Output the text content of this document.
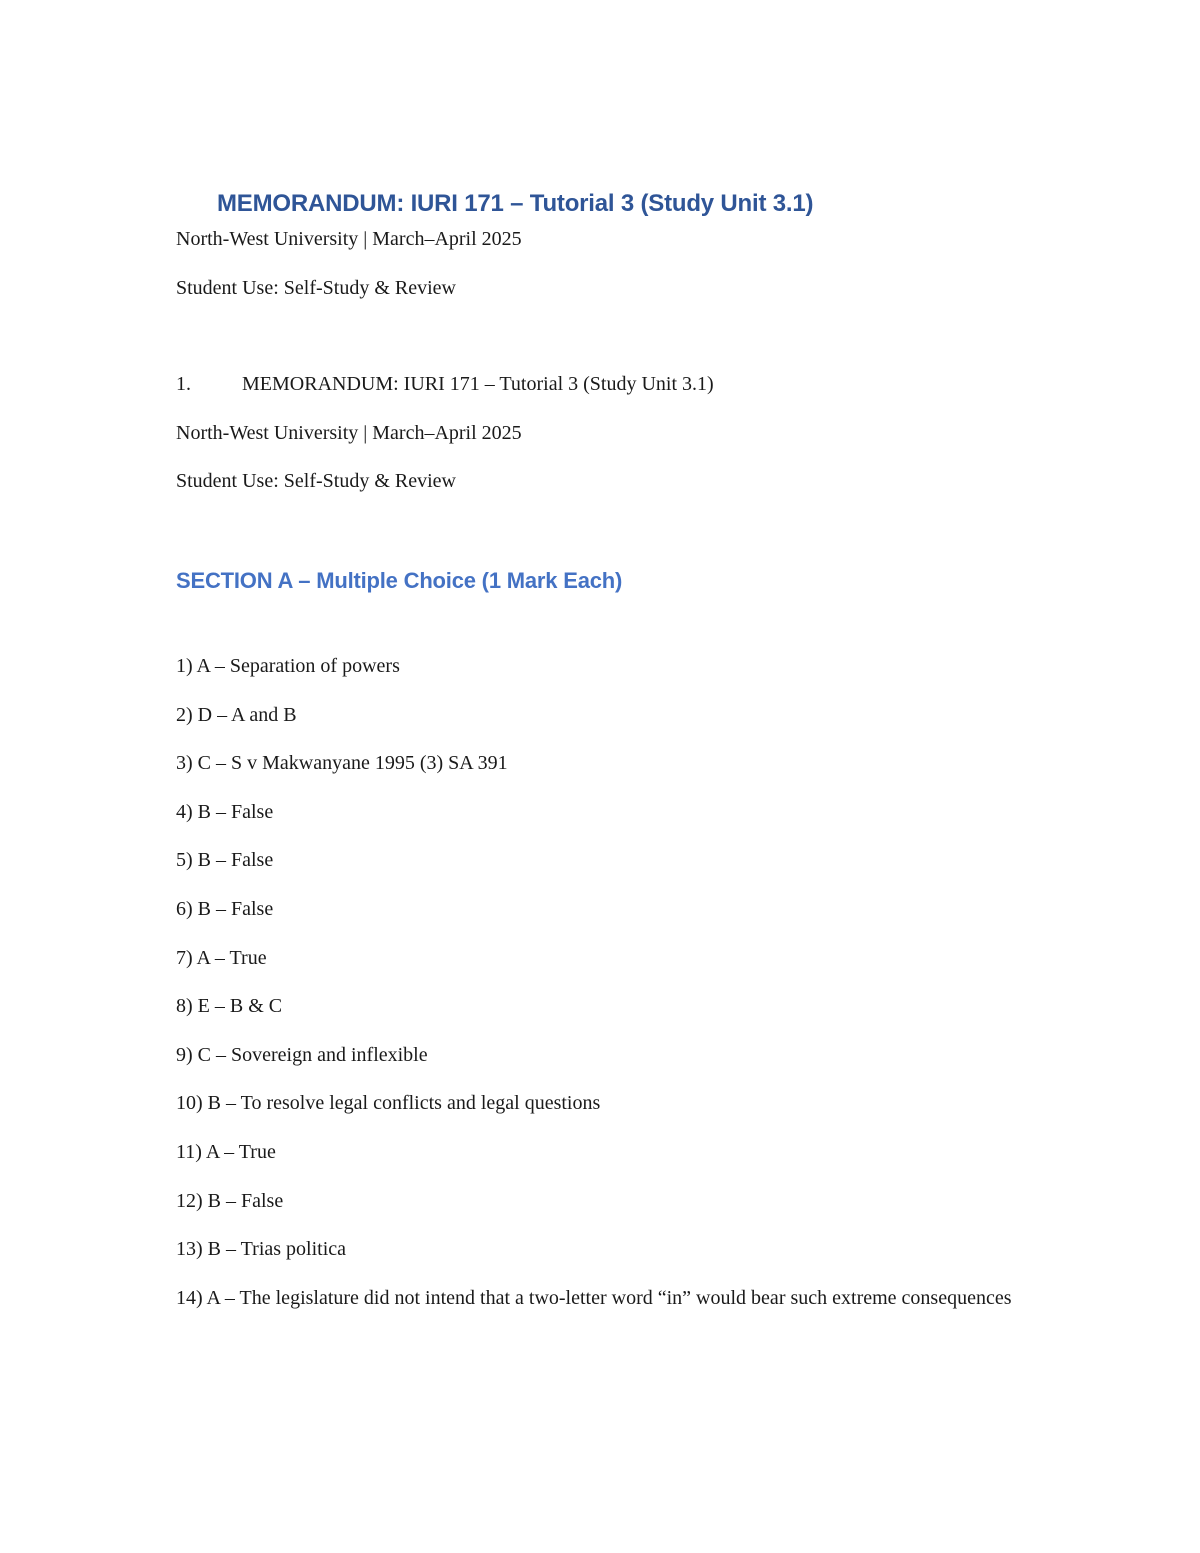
MEMORANDUM: IURI 171 – Tutorial 3 (Study Unit 3.1)
North-West University | March–April 2025
Student Use: Self-Study & Review
1.	MEMORANDUM: IURI 171 – Tutorial 3 (Study Unit 3.1)
North-West University | March–April 2025
Student Use: Self-Study & Review
SECTION A – Multiple Choice (1 Mark Each)
1) A – Separation of powers
2) D – A and B
3) C – S v Makwanyane 1995 (3) SA 391
4) B – False
5) B – False
6) B – False
7) A – True
8) E – B & C
9) C – Sovereign and inflexible
10) B – To resolve legal conflicts and legal questions
11) A – True
12) B – False
13) B – Trias politica
14) A – The legislature did not intend that a two-letter word “in” would bear such extreme consequences
